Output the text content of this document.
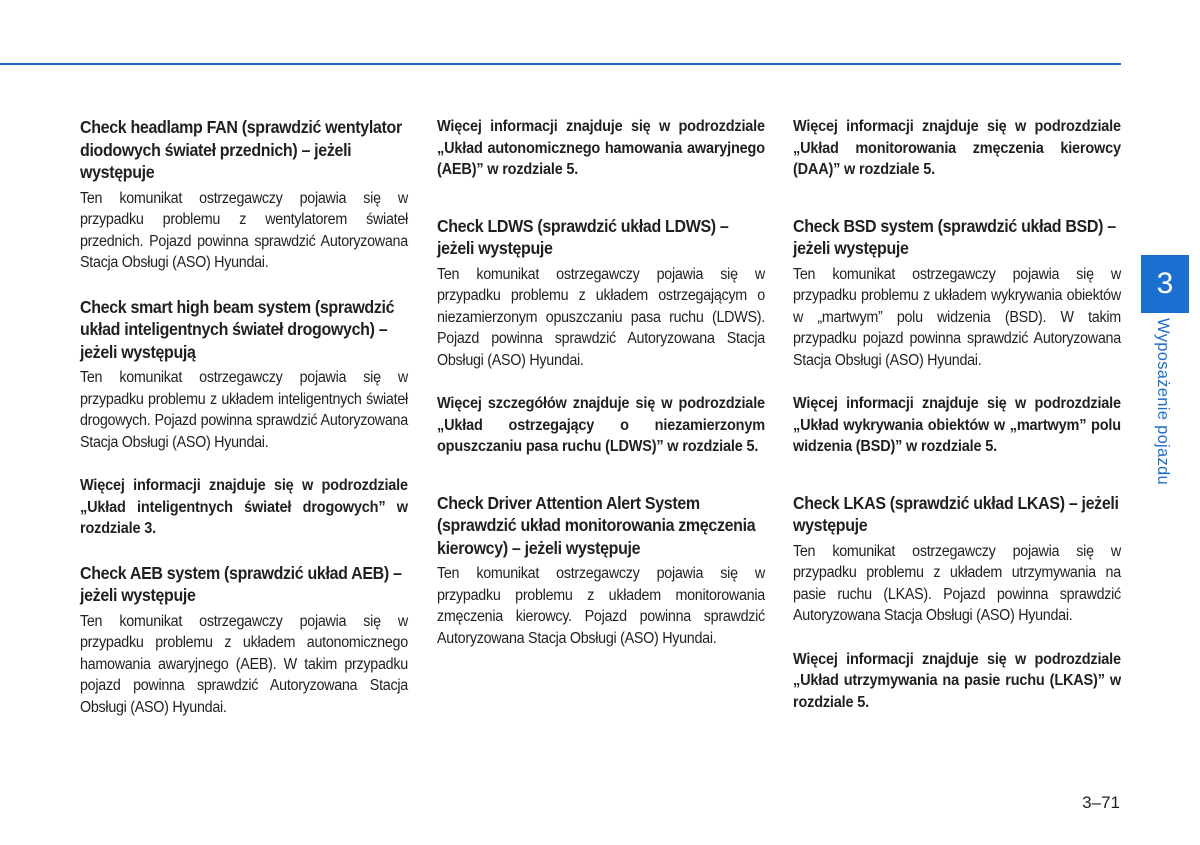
Check headlamp FAN (sprawdzić wentylator diodowych świateł przednich) – jeżeli występuje

Ten komunikat ostrzegawczy pojawia się w przypadku problemu z wentylatorem świateł przednich. Pojazd powinna sprawdzić Autoryzowana Stacja Obsługi (ASO) Hyundai.

Check smart high beam system (sprawdzić układ inteligentnych świateł drogowych) – jeżeli występują

Ten komunikat ostrzegawczy pojawia się w przypadku problemu z układem inteligentnych świateł drogowych. Pojazd powinna sprawdzić Autoryzowana Stacja Obsługi (ASO) Hyundai.

Więcej informacji znajduje się w podrozdziale „Układ inteligentnych świateł drogowych” w rozdziale 3.

Check AEB system (sprawdzić układ AEB) – jeżeli występuje

Ten komunikat ostrzegawczy pojawia się w przypadku problemu z układem autonomicznego hamowania awaryjnego (AEB). W takim przypadku pojazd powinna sprawdzić Autoryzowana Stacja Obsługi (ASO) Hyundai.

Więcej informacji znajduje się w podrozdziale „Układ autonomicznego hamowania awaryjnego (AEB)” w rozdziale 5.

Check LDWS (sprawdzić układ LDWS) – jeżeli występuje

Ten komunikat ostrzegawczy pojawia się w przypadku problemu z układem ostrzegającym o niezamierzonym opuszczaniu pasa ruchu (LDWS). Pojazd powinna sprawdzić Autoryzowana Stacja Obsługi (ASO) Hyundai.

Więcej szczegółów znajduje się w podrozdziale „Układ ostrzegający o niezamierzonym opuszczaniu pasa ruchu (LDWS)” w rozdziale 5.

Check Driver Attention Alert System (sprawdzić układ monitorowania zmęczenia kierowcy) – jeżeli występuje

Ten komunikat ostrzegawczy pojawia się w przypadku problemu z układem monitorowania zmęczenia kierowcy. Pojazd powinna sprawdzić Autoryzowana Stacja Obsługi (ASO) Hyundai.

Więcej informacji znajduje się w podrozdziale „Układ monitorowania zmęczenia kierowcy (DAA)” w rozdziale 5.

Check BSD system (sprawdzić układ BSD) – jeżeli występuje

Ten komunikat ostrzegawczy pojawia się w przypadku problemu z układem wykrywania obiektów w „martwym” polu widzenia (BSD). W takim przypadku pojazd powinna sprawdzić Autoryzowana Stacja Obsługi (ASO) Hyundai.

Więcej informacji znajduje się w podrozdziale „Układ wykrywania obiektów w „martwym” polu widzenia (BSD)” w rozdziale 5.

Check LKAS (sprawdzić układ LKAS) – jeżeli występuje

Ten komunikat ostrzegawczy pojawia się w przypadku problemu z układem utrzymywania na pasie ruchu (LKAS). Pojazd powinna sprawdzić Autoryzowana Stacja Obsługi (ASO) Hyundai.

Więcej informacji znajduje się w podrozdziale „Układ utrzymywania na pasie ruchu (LKAS)” w rozdziale 5.

3
Wyposażenie pojazdu
3–71
